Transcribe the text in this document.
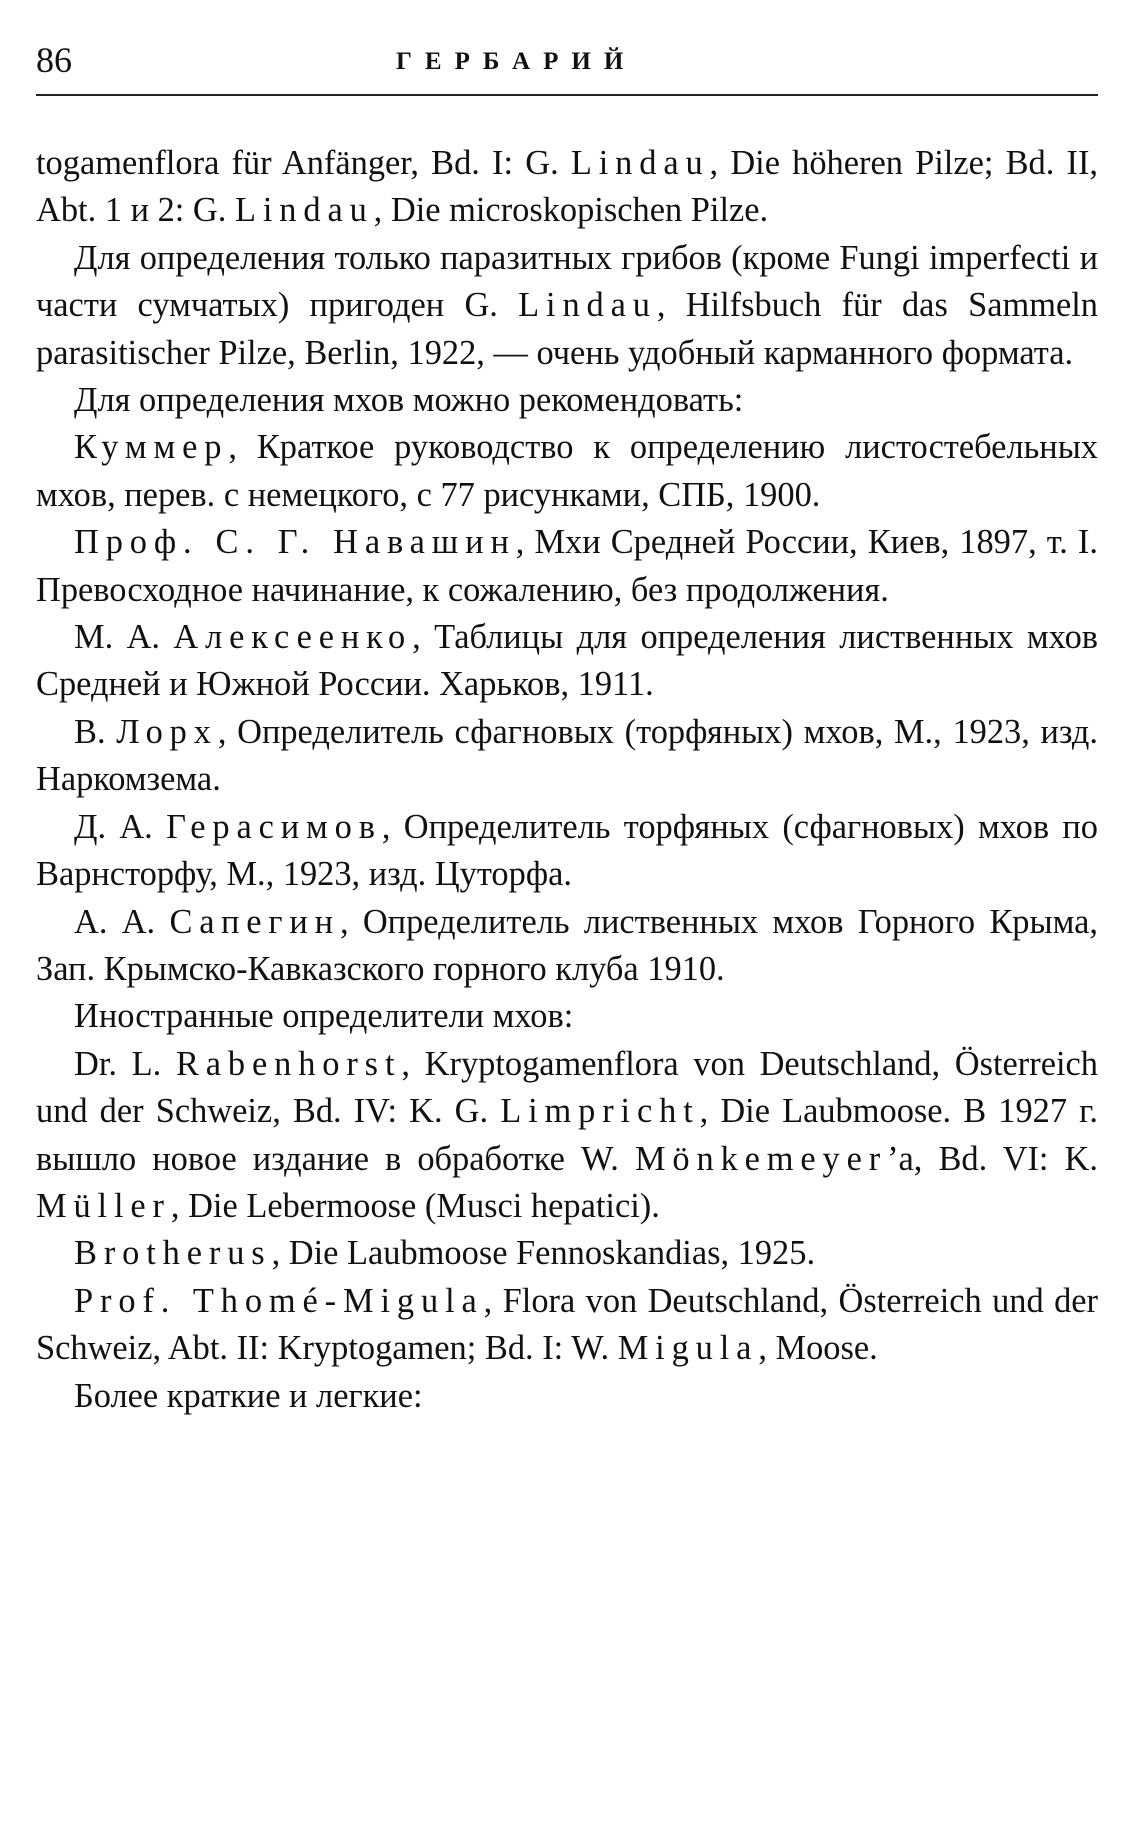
86	ГЕРБАРИЙ

togamenflora für Anfänger, Bd. I: G. Lindau, Die höheren Pilze; Bd. II, Abt. 1 и 2: G. Lindau, Die microskopischen Pilze.

Для определения только паразитных грибов (кроме Fungi imperfecti и части сумчатых) пригоден G. Lindau, Hilfsbuch für das Sammeln parasitischer Pilze, Berlin, 1922, — очень удобный карманного формата.

Для определения мхов можно рекомендовать:

Куммер, Краткое руководство к определению листостебельных мхов, перев. с немецкого, с 77 рисунками, СПБ, 1900.

Проф. С. Г. Навашин, Мхи Средней России, Киев, 1897, т. I. Превосходное начинание, к сожалению, без продолжения.

М. А. Алексеенко, Таблицы для определения лиственных мхов Средней и Южной России. Харьков, 1911.

В. Лорх, Определитель сфагновых (торфяных) мхов, М., 1923, изд. Наркомзема.

Д. А. Герасимов, Определитель торфяных (сфагновых) мхов по Варнсторфу, М., 1923, изд. Цуторфа.

А. А. Сапегин, Определитель лиственных мхов Горного Крыма, Зап. Крымско-Кавказского горного клуба 1910.

Иностранные определители мхов:

Dr. L. Rabenhorst, Kryptogamenflora von Deutschland, Österreich und der Schweiz, Bd. IV: K. G. Limpricht, Die Laubmoose. В 1927 г. вышло новое издание в обработке W. Mönkemeyer’а, Bd. VI: K. Müller, Die Lebermoose (Musci hepatici).

Brotherus, Die Laubmoose Fennoskandias, 1925.

Prof. Thomé-Migula, Flora von Deutschland, Österreich und der Schweiz, Abt. II: Kryptogamen; Bd. I: W. Migula, Moose.

Более краткие и легкие:
